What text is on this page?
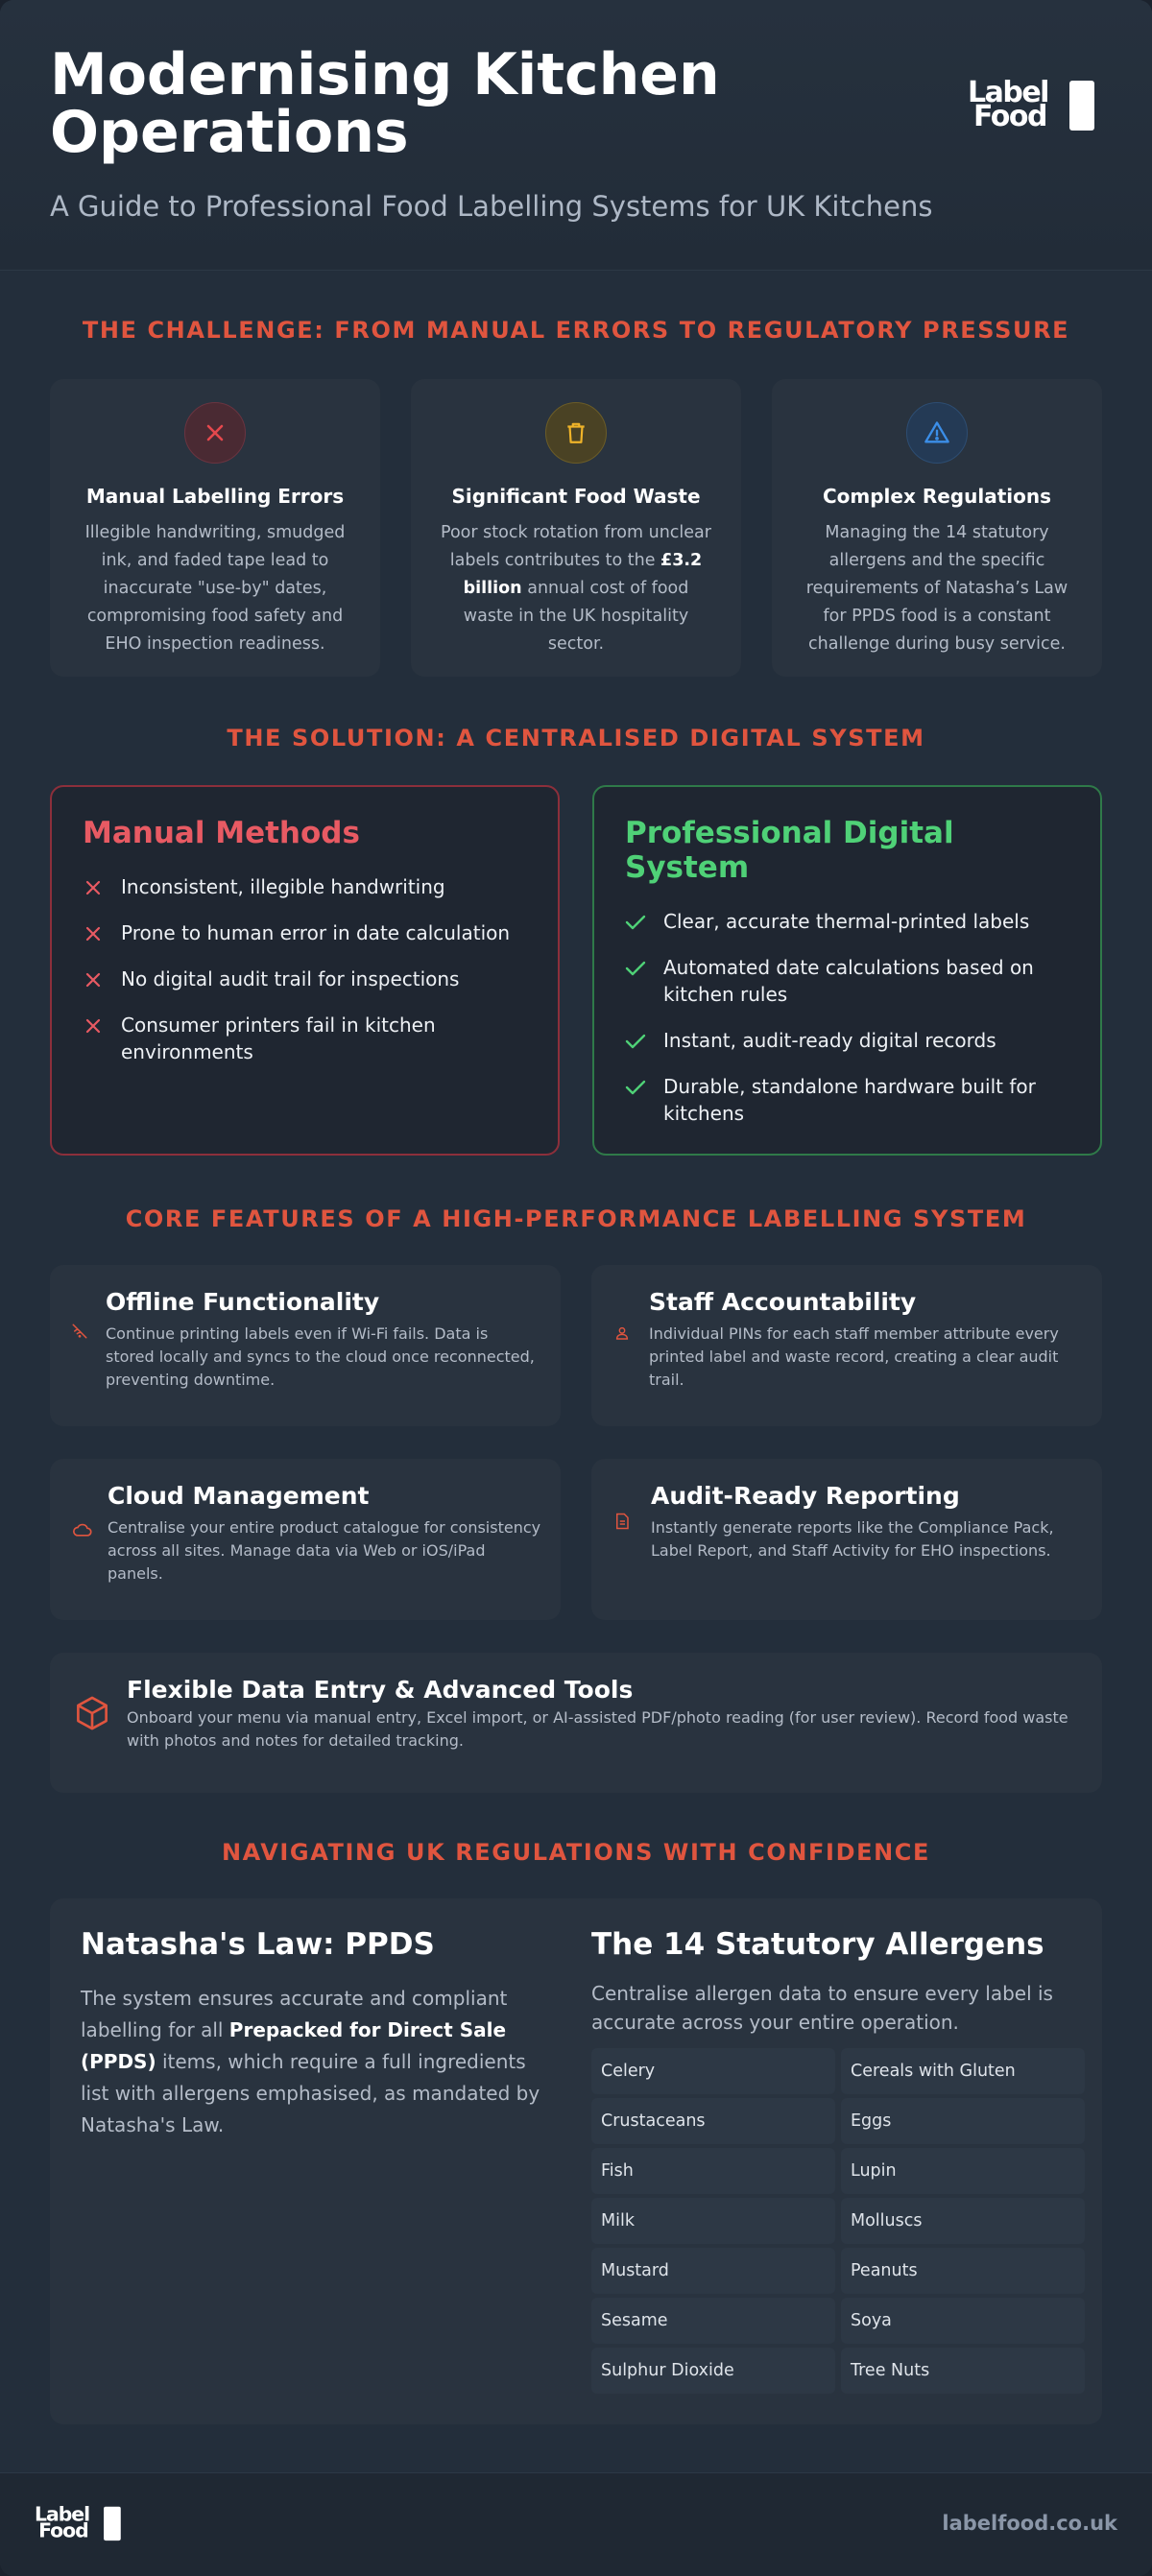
Modernising Kitchen Operations
A Guide to Professional Food Labelling Systems for UK Kitchens
Label
Food
THE CHALLENGE: FROM MANUAL ERRORS TO REGULATORY PRESSURE
Manual Labelling Errors
Illegible handwriting, smudged ink, and faded tape lead to inaccurate "use-by" dates, compromising food safety and EHO inspection readiness.
Significant Food Waste
Poor stock rotation from unclear labels contributes to the £3.2 billion annual cost of food waste in the UK hospitality sector.
Complex Regulations
Managing the 14 statutory allergens and the specific requirements of Natasha’s Law for PPDS food is a constant challenge during busy service.
THE SOLUTION: A CENTRALISED DIGITAL SYSTEM
Manual Methods
Inconsistent, illegible handwriting
Prone to human error in date calculation
No digital audit trail for inspections
Consumer printers fail in kitchen environments
Professional Digital System
Clear, accurate thermal-printed labels
Automated date calculations based on kitchen rules
Instant, audit-ready digital records
Durable, standalone hardware built for kitchens
CORE FEATURES OF A HIGH-PERFORMANCE LABELLING SYSTEM
Offline Functionality
Continue printing labels even if Wi-Fi fails. Data is stored locally and syncs to the cloud once reconnected, preventing downtime.
Staff Accountability
Individual PINs for each staff member attribute every printed label and waste record, creating a clear audit trail.
Cloud Management
Centralise your entire product catalogue for consistency across all sites. Manage data via Web or iOS/iPad panels.
Audit-Ready Reporting
Instantly generate reports like the Compliance Pack, Label Report, and Staff Activity for EHO inspections.
Flexible Data Entry & Advanced Tools
Onboard your menu via manual entry, Excel import, or AI-assisted PDF/photo reading (for user review). Record food waste with photos and notes for detailed tracking.
NAVIGATING UK REGULATIONS WITH CONFIDENCE
Natasha's Law: PPDS
The system ensures accurate and compliant labelling for all Prepacked for Direct Sale (PPDS) items, which require a full ingredients list with allergens emphasised, as mandated by Natasha's Law.
The 14 Statutory Allergens
Centralise allergen data to ensure every label is accurate across your entire operation.
Celery	Cereals with Gluten
Crustaceans	Eggs
Fish	Lupin
Milk	Molluscs
Mustard	Peanuts
Sesame	Soya
Sulphur Dioxide	Tree Nuts
Label
Food	labelfood.co.uk
